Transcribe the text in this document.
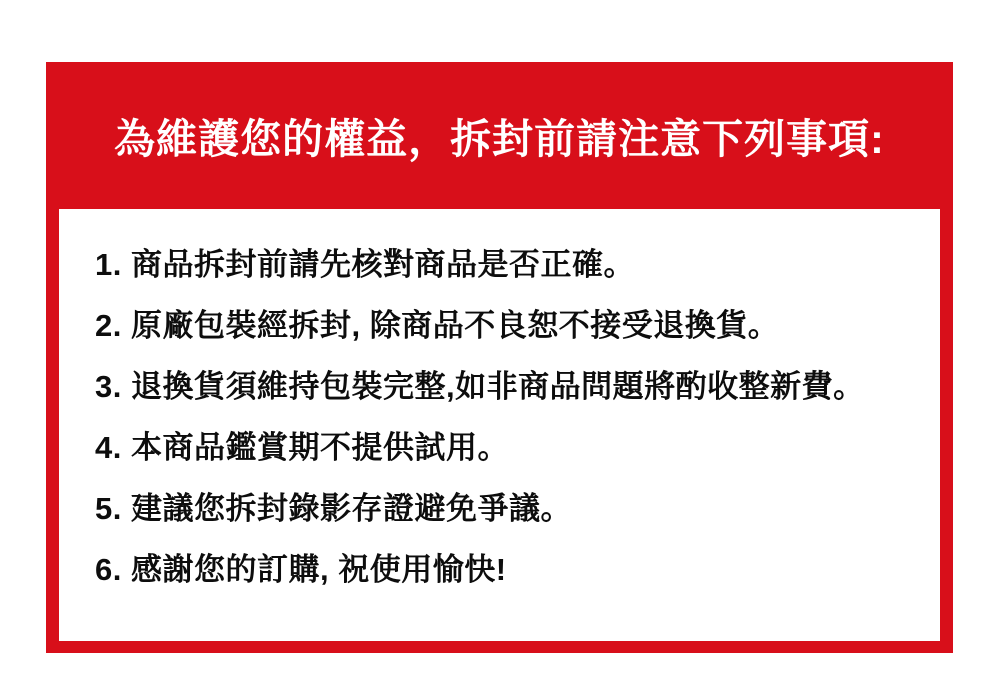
為維護您的權益，拆封前請注意下列事項:
1. 商品拆封前請先核對商品是否正確。
2. 原廠包裝經拆封, 除商品不良恕不接受退換貨。
3. 退換貨須維持包裝完整,如非商品問題將酌收整新費。
4. 本商品鑑賞期不提供試用。
5. 建議您拆封錄影存證避免爭議。
6. 感謝您的訂購, 祝使用愉快!
